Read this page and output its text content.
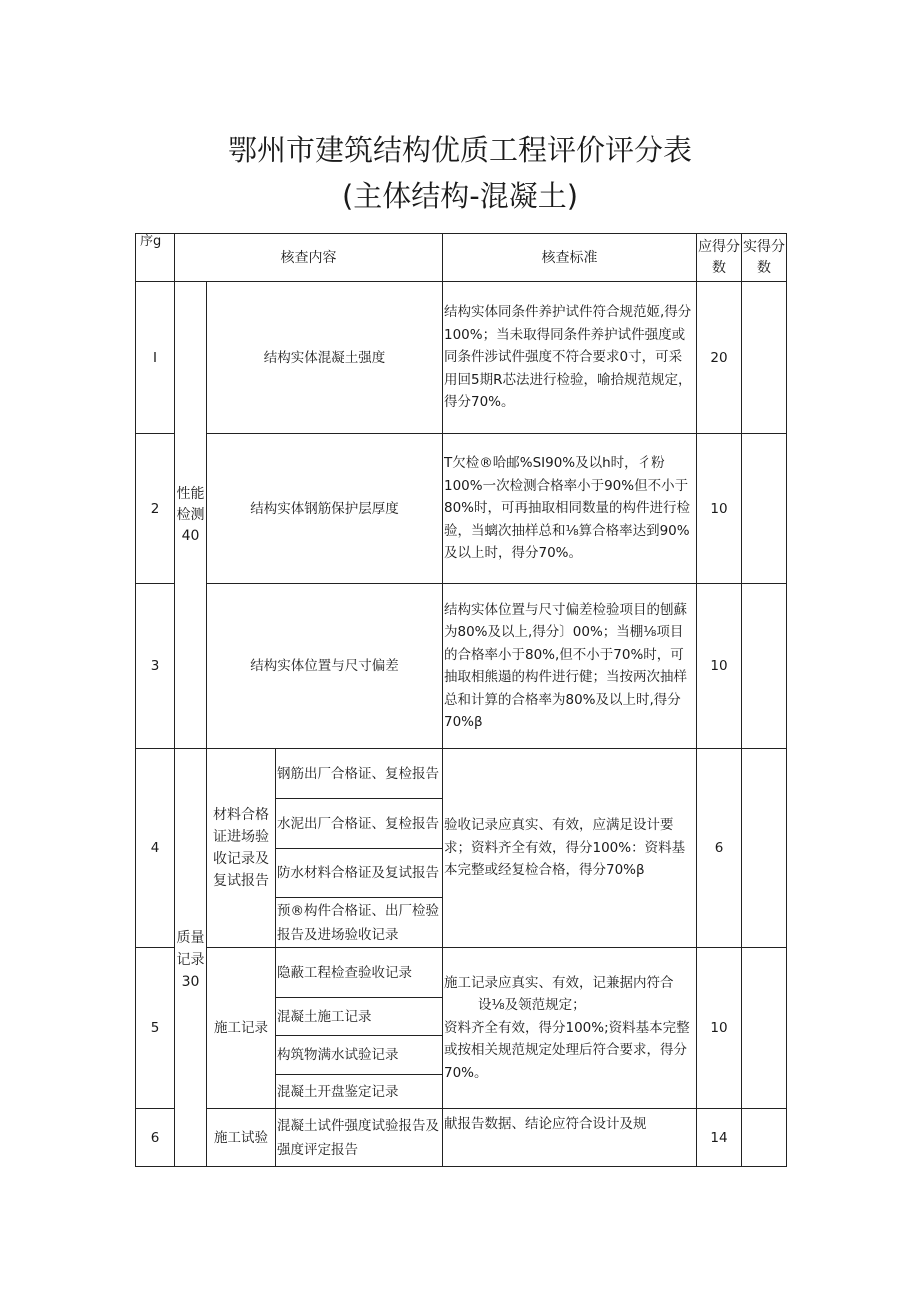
鄂州市建筑结构优质工程评价评分表
(主体结构-混凝土)
序g	核查内容			核查标准	应得分数	实得分数
I	性能检测40	结构实体混凝土强度		结构实体同条件养护试件符合规范姬,得分100%；当未取得同条件养护试件强度或同条件涉试件强度不符合要求0寸，可采用回5期R芯法进行检验，喻拾规范规定，得分70%。	20	
2		结构实体钢筋保护层厚度		T欠检®哈邮%SI90%及以h时，彳粉100%一次检测合格率小于90%但不小于80%时，可再抽取相同数量的构件进行检验，当螭次抽样总和⅛算合格率达到90%及以上时，得分70%。	10	
3		结构实体位置与尺寸偏差		结构实体位置与尺寸偏差检验项目的刨蘇为80%及以上,得分〕00%；当棚⅛项目的合格率小于80%,但不小于70%时，可抽取相熊遢的构件进行健；当按两次抽样总和计算的合格率为80%及以上时,得分70%β	10	
4	质量记录30	材料合格证进场验收记录及复试报告	钢筋出厂合格证、复检报告	验收记录应真实、有效，应满足设计要求；资料齐全有效，得分100%：资料基本完整或经复检合格，得分70%β	6	
			水泥出厂合格证、复检报告			
			防水材料合格证及复试报告			
			预®构件合格证、出厂检验报告及进场验收记录			
5		施工记录	隐蔽工程检查验收记录	施工记录应真实、有效，记兼据内符合
设⅛及领范规定；
资料齐全有效，得分100%;资料基本完整或按相关规范规定处理后符合要求，得分70%。	10	
			混凝土施工记录			
			构筑物满水试验记录			
			混凝土开盘鉴定记录			
6		施工试验	混凝土试件强度试验报告及强度评定报告	献报告数据、结论应符合设计及规	14	
